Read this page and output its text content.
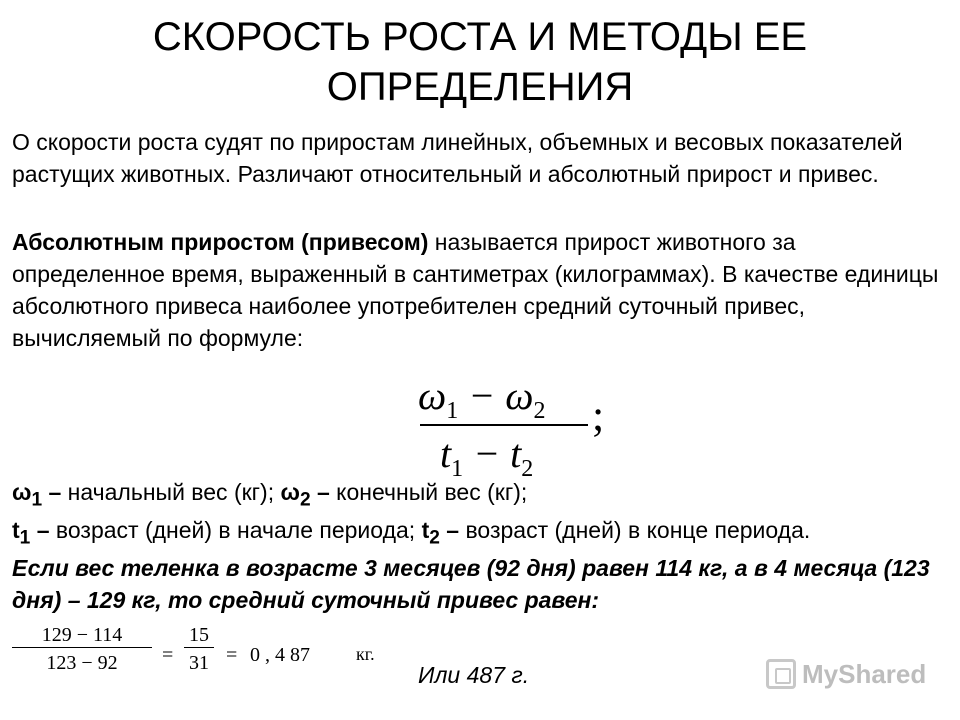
СКОРОСТЬ РОСТА И МЕТОДЫ ЕЕ ОПРЕДЕЛЕНИЯ
О скорости роста судят по приростам линейных, объемных и весовых показателей растущих животных. Различают относительный и абсолютный прирост и привес.
Абсолютным приростом (привесом) называется прирост животного за определенное время, выраженный в сантиметрах (килограммах). В качестве единицы абсолютного привеса наиболее употребителен средний суточный привес, вычисляемый по формуле:
$\omega_1 - \omega_2$
$t_1 - t_2$
;
$\omega_1$ – начальный вес (кг); $\omega_2$ – конечный вес (кг);
$t_1$ – возраст (дней) в начале периода; $t_2$ – возраст (дней) в конце периода.
Если вес теленка в возрасте 3 месяцев (92 дня) равен 114 кг, а в 4 месяца (123 дня) – 129 кг, то средний суточный привес равен:
$\frac{129 - 114}{123 - 92} = \frac{15}{31} = 0$ , 4 87	кг.
Или 487 г.	MyShared
